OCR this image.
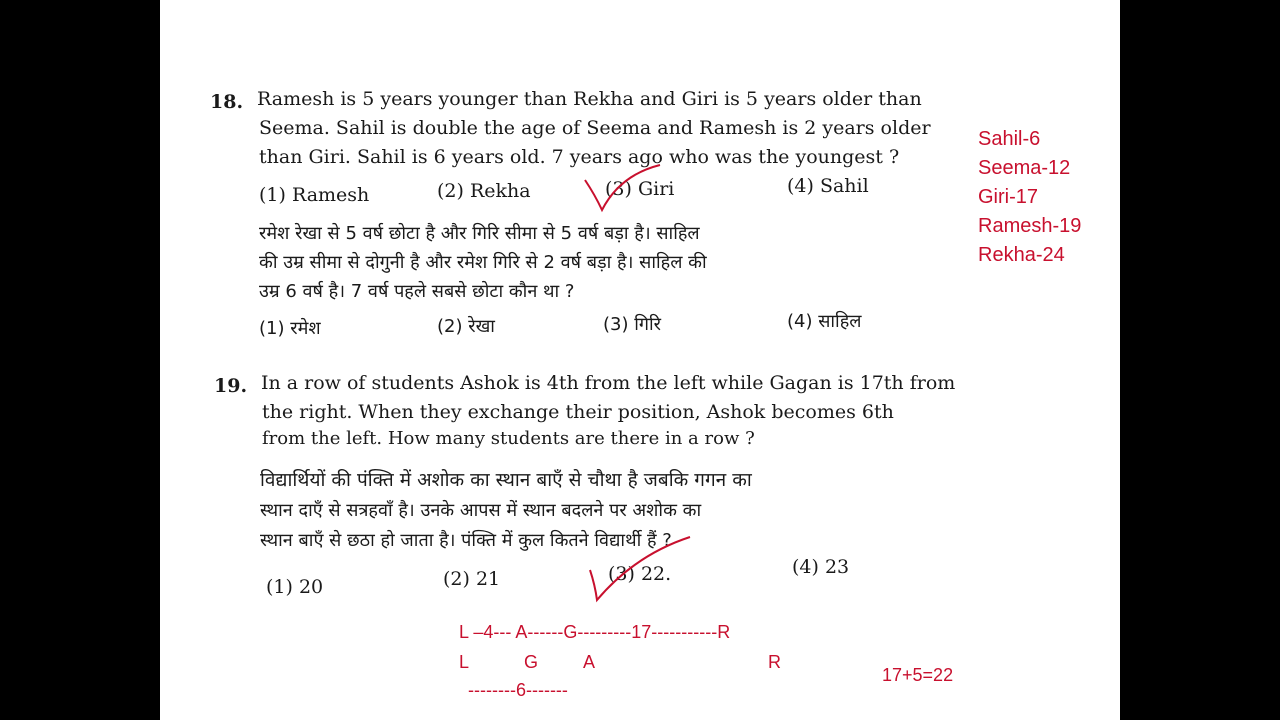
18. Ramesh is 5 years younger than Rekha and Giri is 5 years older than
Seema. Sahil is double the age of Seema and Ramesh is 2 years older
than Giri. Sahil is 6 years old. 7 years ago who was the youngest ?
(1) Ramesh	(2) Rekha	(3) Giri	(4) Sahil
रमेश रेखा से 5 वर्ष छोटा है और गिरि सीमा से 5 वर्ष बड़ा है। साहिल
की उम्र सीमा से दोगुनी है और रमेश गिरि से 2 वर्ष बड़ा है। साहिल की
उम्र 6 वर्ष है। 7 वर्ष पहले सबसे छोटा कौन था ?
(1) रमेश	(2) रेखा	(3) गिरि	(4) साहिल
19. In a row of students Ashok is 4th from the left while Gagan is 17th from
the right. When they exchange their position, Ashok becomes 6th
from the left. How many students are there in a row ?
विद्यार्थियों की पंक्ति में अशोक का स्थान बाएँ से चौथा है जबकि गगन का
स्थान दाएँ से सत्रहवाँ है। उनके आपस में स्थान बदलने पर अशोक का
स्थान बाएँ से छठा हो जाता है। पंक्ति में कुल कितने विद्यार्थी हैं ?
(1) 20	(2) 21	(3) 22.	(4) 23
Sahil-6
Seema-12
Giri-17
Ramesh-19
Rekha-24
L –4--- A------G---------17-----------R
L	G A	R
--------6-------
17+5=22
